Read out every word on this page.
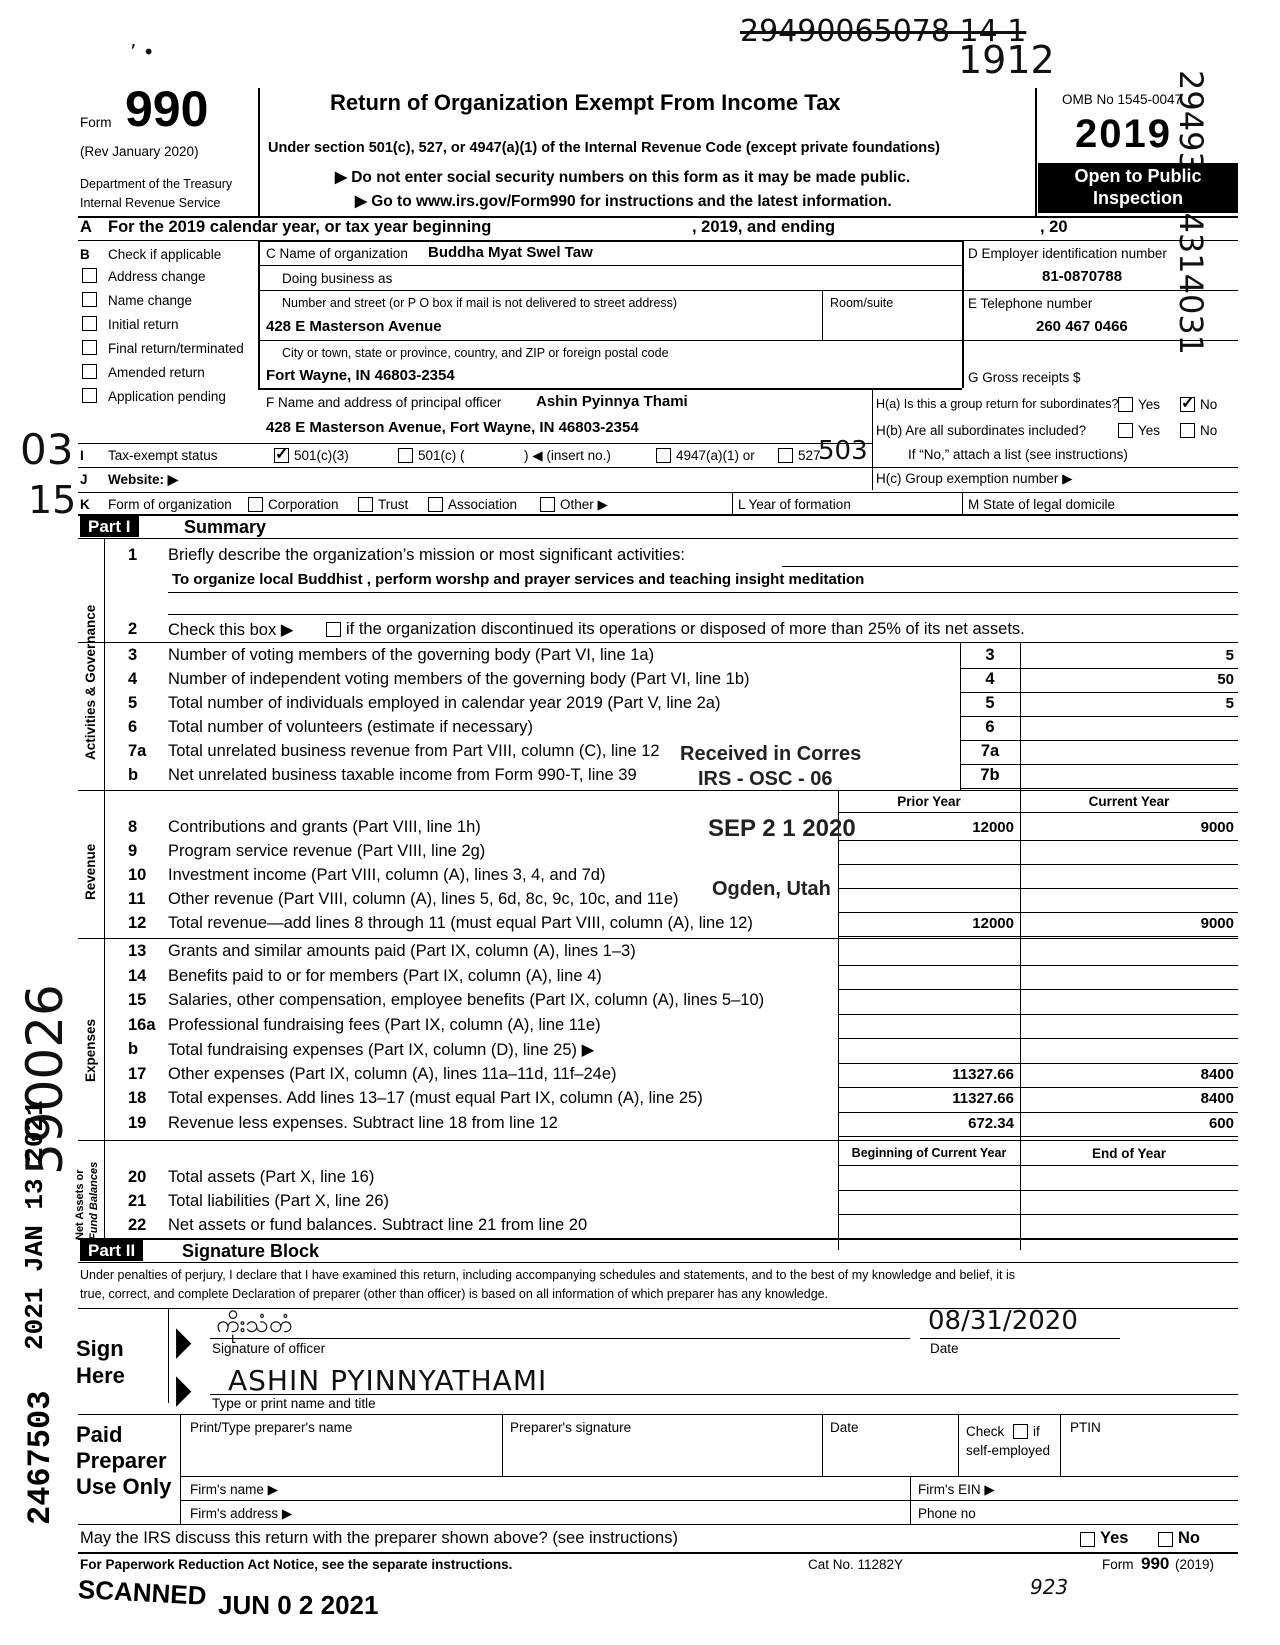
29490065078 14 1
1912
03
15
590026
2021 JAN 13 2021
2467503
923
’ •
Form 990
(Rev January 2020)
Department of the Treasury
Internal Revenue Service
Return of Organization Exempt From Income Tax
Under section 501(c), 527, or 4947(a)(1) of the Internal Revenue Code (except private foundations)
▶ Do not enter social security numbers on this form as it may be made public.
▶ Go to www.irs.gov/Form990 for instructions and the latest information.
OMB No 1545-0047
2019
Open to Public
Inspection
A For the 2019 calendar year, or tax year beginning	, 2019, and ending	, 20
B Check if applicable
Address change
Name change
Initial return
Final return/terminated
Amended return
Application pending
C Name of organization Buddha Myat Swel Taw
Doing business as
Number and street (or P O box if mail is not delivered to street address)	Room/suite
428 E Masterson Avenue
City or town, state or province, country, and ZIP or foreign postal code
Fort Wayne, IN 46803-2354
D Employer identification number
81-0870788
E Telephone number
260 467 0466
G Gross receipts $
F Name and address of principal officer Ashin Pyinnya Thami
428 E Masterson Avenue, Fort Wayne, IN 46803-2354
H(a) Is this a group return for subordinates? Yes ✓	No
H(b) Are all subordinates included?	Yes	No
If “No,” attach a list (see instructions)
H(c) Group exemption number ▶
I Tax-exempt status ✓	501(c)(3)	501(c) (	) ◀ (insert no.)	4947(a)(1) or	527
503
J Website: ▶
K Form of organization	Corporation	Trust	Association	Other ▶	L Year of formation	M State of legal domicile
Part I	Summary
Activities & Governance
Revenue
Expenses
Net Assets or Fund Balances
1 Briefly describe the organization’s mission or most significant activities:
To organize local Buddhist , perform worshp and prayer services and teaching insight meditation
2 Check this box ▶	if the organization discontinued its operations or disposed of more than 25% of its net assets.
3 Number of voting members of the governing body (Part VI, line 1a)	3	5
4 Number of independent voting members of the governing body (Part VI, line 1b)	4	50
5 Total number of individuals employed in calendar year 2019 (Part V, line 2a)	5	5
6 Total number of volunteers (estimate if necessary)	6
7a Total unrelated business revenue from Part VIII, column (C), line 12	7a
b Net unrelated business taxable income from Form 990-T, line 39	7b
Prior Year	Current Year
8 Contributions and grants (Part VIII, line 1h)	12000	9000
9 Program service revenue (Part VIII, line 2g)
10 Investment income (Part VIII, column (A), lines 3, 4, and 7d)
11 Other revenue (Part VIII, column (A), lines 5, 6d, 8c, 9c, 10c, and 11e)
12 Total revenue—add lines 8 through 11 (must equal Part VIII, column (A), line 12)	12000	9000
13 Grants and similar amounts paid (Part IX, column (A), lines 1–3)
14 Benefits paid to or for members (Part IX, column (A), line 4)
15 Salaries, other compensation, employee benefits (Part IX, column (A), lines 5–10)
16a Professional fundraising fees (Part IX, column (A), line 11e)
b Total fundraising expenses (Part IX, column (D), line 25) ▶
17 Other expenses (Part IX, column (A), lines 11a–11d, 11f–24e)	11327.66	8400
18 Total expenses. Add lines 13–17 (must equal Part IX, column (A), line 25)	11327.66	8400
19 Revenue less expenses. Subtract line 18 from line 12	672.34	600
Beginning of Current Year	End of Year
20 Total assets (Part X, line 16)
21 Total liabilities (Part X, line 26)
22 Net assets or fund balances. Subtract line 21 from line 20
Received in Corres
IRS - OSC - 06
SEP 2 1 2020
Ogden, Utah
Part II	Signature Block
Under penalties of perjury, I declare that I have examined this return, including accompanying schedules and statements, and to the best of my knowledge and belief, it is
true, correct, and complete Declaration of preparer (other than officer) is based on all information of which preparer has any knowledge.
Sign
Here
▶
▶
ကိုးသံတံ
Signature of officer
08/31/2020
Date
ASHIN PYINNYATHAMI
Type or print name and title
Paid
Preparer
Use Only
Print/Type preparer's name	Preparer's signature	Date	Check if
self-employed
PTIN
Firm's name ▶	Firm's EIN ▶
Firm's address ▶	Phone no
May the IRS discuss this return with the preparer shown above? (see instructions)	Yes	No
For Paperwork Reduction Act Notice, see the separate instructions.	Cat No. 11282Y	Form 990 (2019)
SCANNED JUN 0 2 2021
